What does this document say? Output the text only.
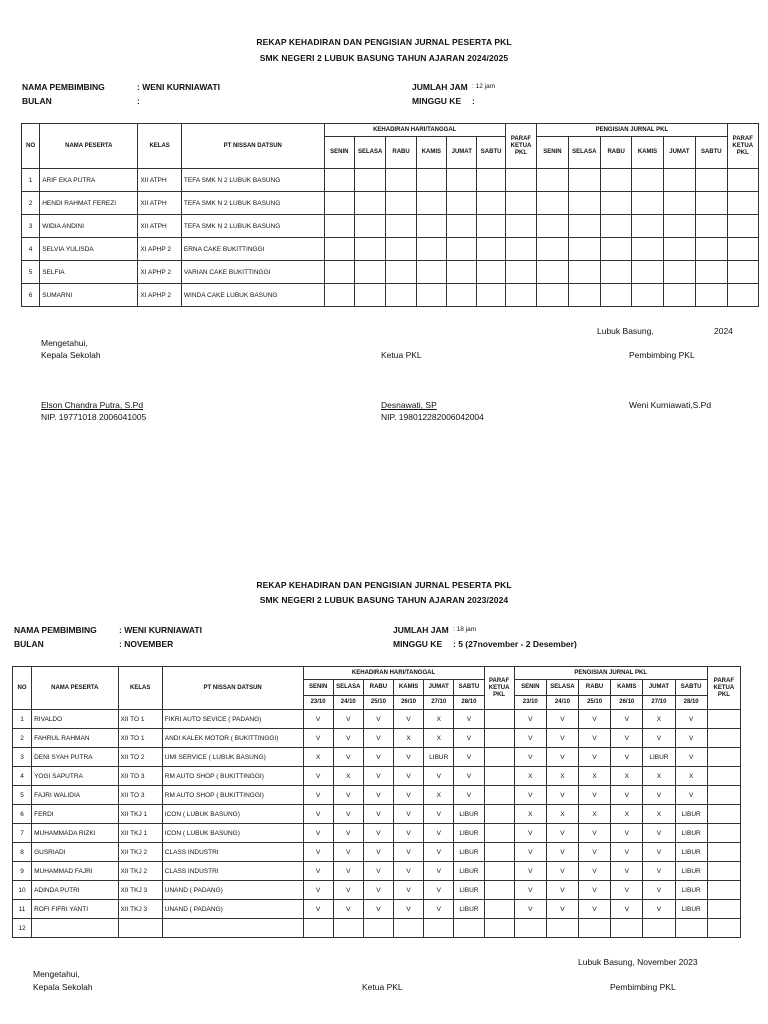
REKAP KEHADIRAN DAN PENGISIAN JURNAL PESERTA PKL
SMK NEGERI 2 LUBUK BASUNG TAHUN AJARAN 2024/2025
NAMA PEMBIMBING	: WENI KURNIAWATI
BULAN	:
JUMLAH JAM : 12 jam
MINGGU KE :
NO	NAMA PESERTA	KELAS	PT NISSAN DATSUN	KEHADIRAN HARI/TANGGAL						PARAF KETUA PKL	PENGISIAN JURNAL PKL						PARAF KETUA PKL
				SENIN	SELASA	RABU	KAMIS	JUMAT	SABTU		SENIN	SELASA	RABU	KAMIS	JUMAT	SABTU	
1	ARIF EKA PUTRA	XII ATPH	TEFA SMK N 2 LUBUK BASUNG														
2	HENDI RAHMAT FEREZI	XII ATPH	TEFA SMK N 2 LUBUK BASUNG														
3	WIDIA ANDINI	XII ATPH	TEFA SMK N 2 LUBUK BASUNG														
4	SELVIA YULISDA	XI APHP 2	ERNA CAKE BUKITTINGGI														
5	SELFIA	XI APHP 2	VARIAN CAKE BUKITTINGGI														
6	SUMARNI	XI APHP 2	WINDA CAKE LUBUK BASUNG														
Lubuk Basung,	2024
Mengetahui,
Kepala Sekolah	Ketua PKL	Pembimbing PKL
Elson Chandra Putra, S.Pd
NIP. 19771018 2006041005
Desnawati, SP
NIP. 198012282006042004
Weni Kurniawati,S.Pd
REKAP KEHADIRAN DAN PENGISIAN JURNAL PESERTA PKL
SMK NEGERI 2 LUBUK BASUNG TAHUN AJARAN 2023/2024
NAMA PEMBIMBING	: WENI KURNIAWATI
BULAN	: NOVEMBER
JUMLAH JAM : 18 jam
MINGGU KE : 5 (27november - 2 Desember)
NO	NAMA PESERTA	KELAS	PT NISSAN DATSUN	KEHADIRAN HARI/TANGGAL						PARAF KETUA PKL	PENGISIAN JURNAL PKL						PARAF KETUA PKL
				SENIN	SELASA	RABU	KAMIS	JUMAT	SABTU		SENIN	SELASA	RABU	KAMIS	JUMAT	SABTU	
				23/10	24/10	25/10	26/10	27/10	28/10		23/10	24/10	25/10	26/10	27/10	28/10	
1	RIVALDO	XII TO 1	FIKRI AUTO SEVICE ( PADANG)	V	V	V	V	X	V		V	V	V	V	X	V	
2	FAHRUL RAHMAN	XII TO 1	ANDI KALEK MOTOR ( BUKITTINGGI)	V	V	V	X	X	V		V	V	V	V	V	V	
3	DENI SYAH PUTRA	XII TO 2	UMI SERVICE ( LUBUK BASUNG)	X	V	V	V	LIBUR	V		V	V	V	V	LIBUR	V	
4	YOGI SAPUTRA	XII TO 3	RM AUTO SHOP ( BUKITTINGGI)	V	X	V	V	V	V		X	X	X	X	X	X	
5	FAJRI WALIDIA	XII TO 3	RM AUTO SHOP ( BUKITTINGGI)	V	V	V	V	X	V		V	V	V	V	V	V	
6	FERDI	XII TKJ 1	ICON ( LUBUK BASUNG)	V	V	V	V	V	LIBUR		X	X	X	X	X	LIBUR	
7	MUHAMMADA RIZKI	XII TKJ 1	ICON ( LUBUK BASUNG)	V	V	V	V	V	LIBUR		V	V	V	V	V	LIBUR	
8	GUSRIADI	XII TKJ 2	CLASS INDUSTRI	V	V	V	V	V	LIBUR		V	V	V	V	V	LIBUR	
9	MUHAMMAD FAJRI	XII TKJ 2	CLASS INDUSTRI	V	V	V	V	V	LIBUR		V	V	V	V	V	LIBUR	
10	ADINDA PUTRI	XII TKJ 3	UNAND ( PADANG)	V	V	V	V	V	LIBUR		V	V	V	V	V	LIBUR	
11	ROFI FIFRI YANTI	XII TKJ 3	UNAND ( PADANG)	V	V	V	V	V	LIBUR		V	V	V	V	V	LIBUR	
12																	
Lubuk Basung, November 2023
Mengetahui,
Kepala Sekolah	Ketua PKL	Pembimbing PKL
